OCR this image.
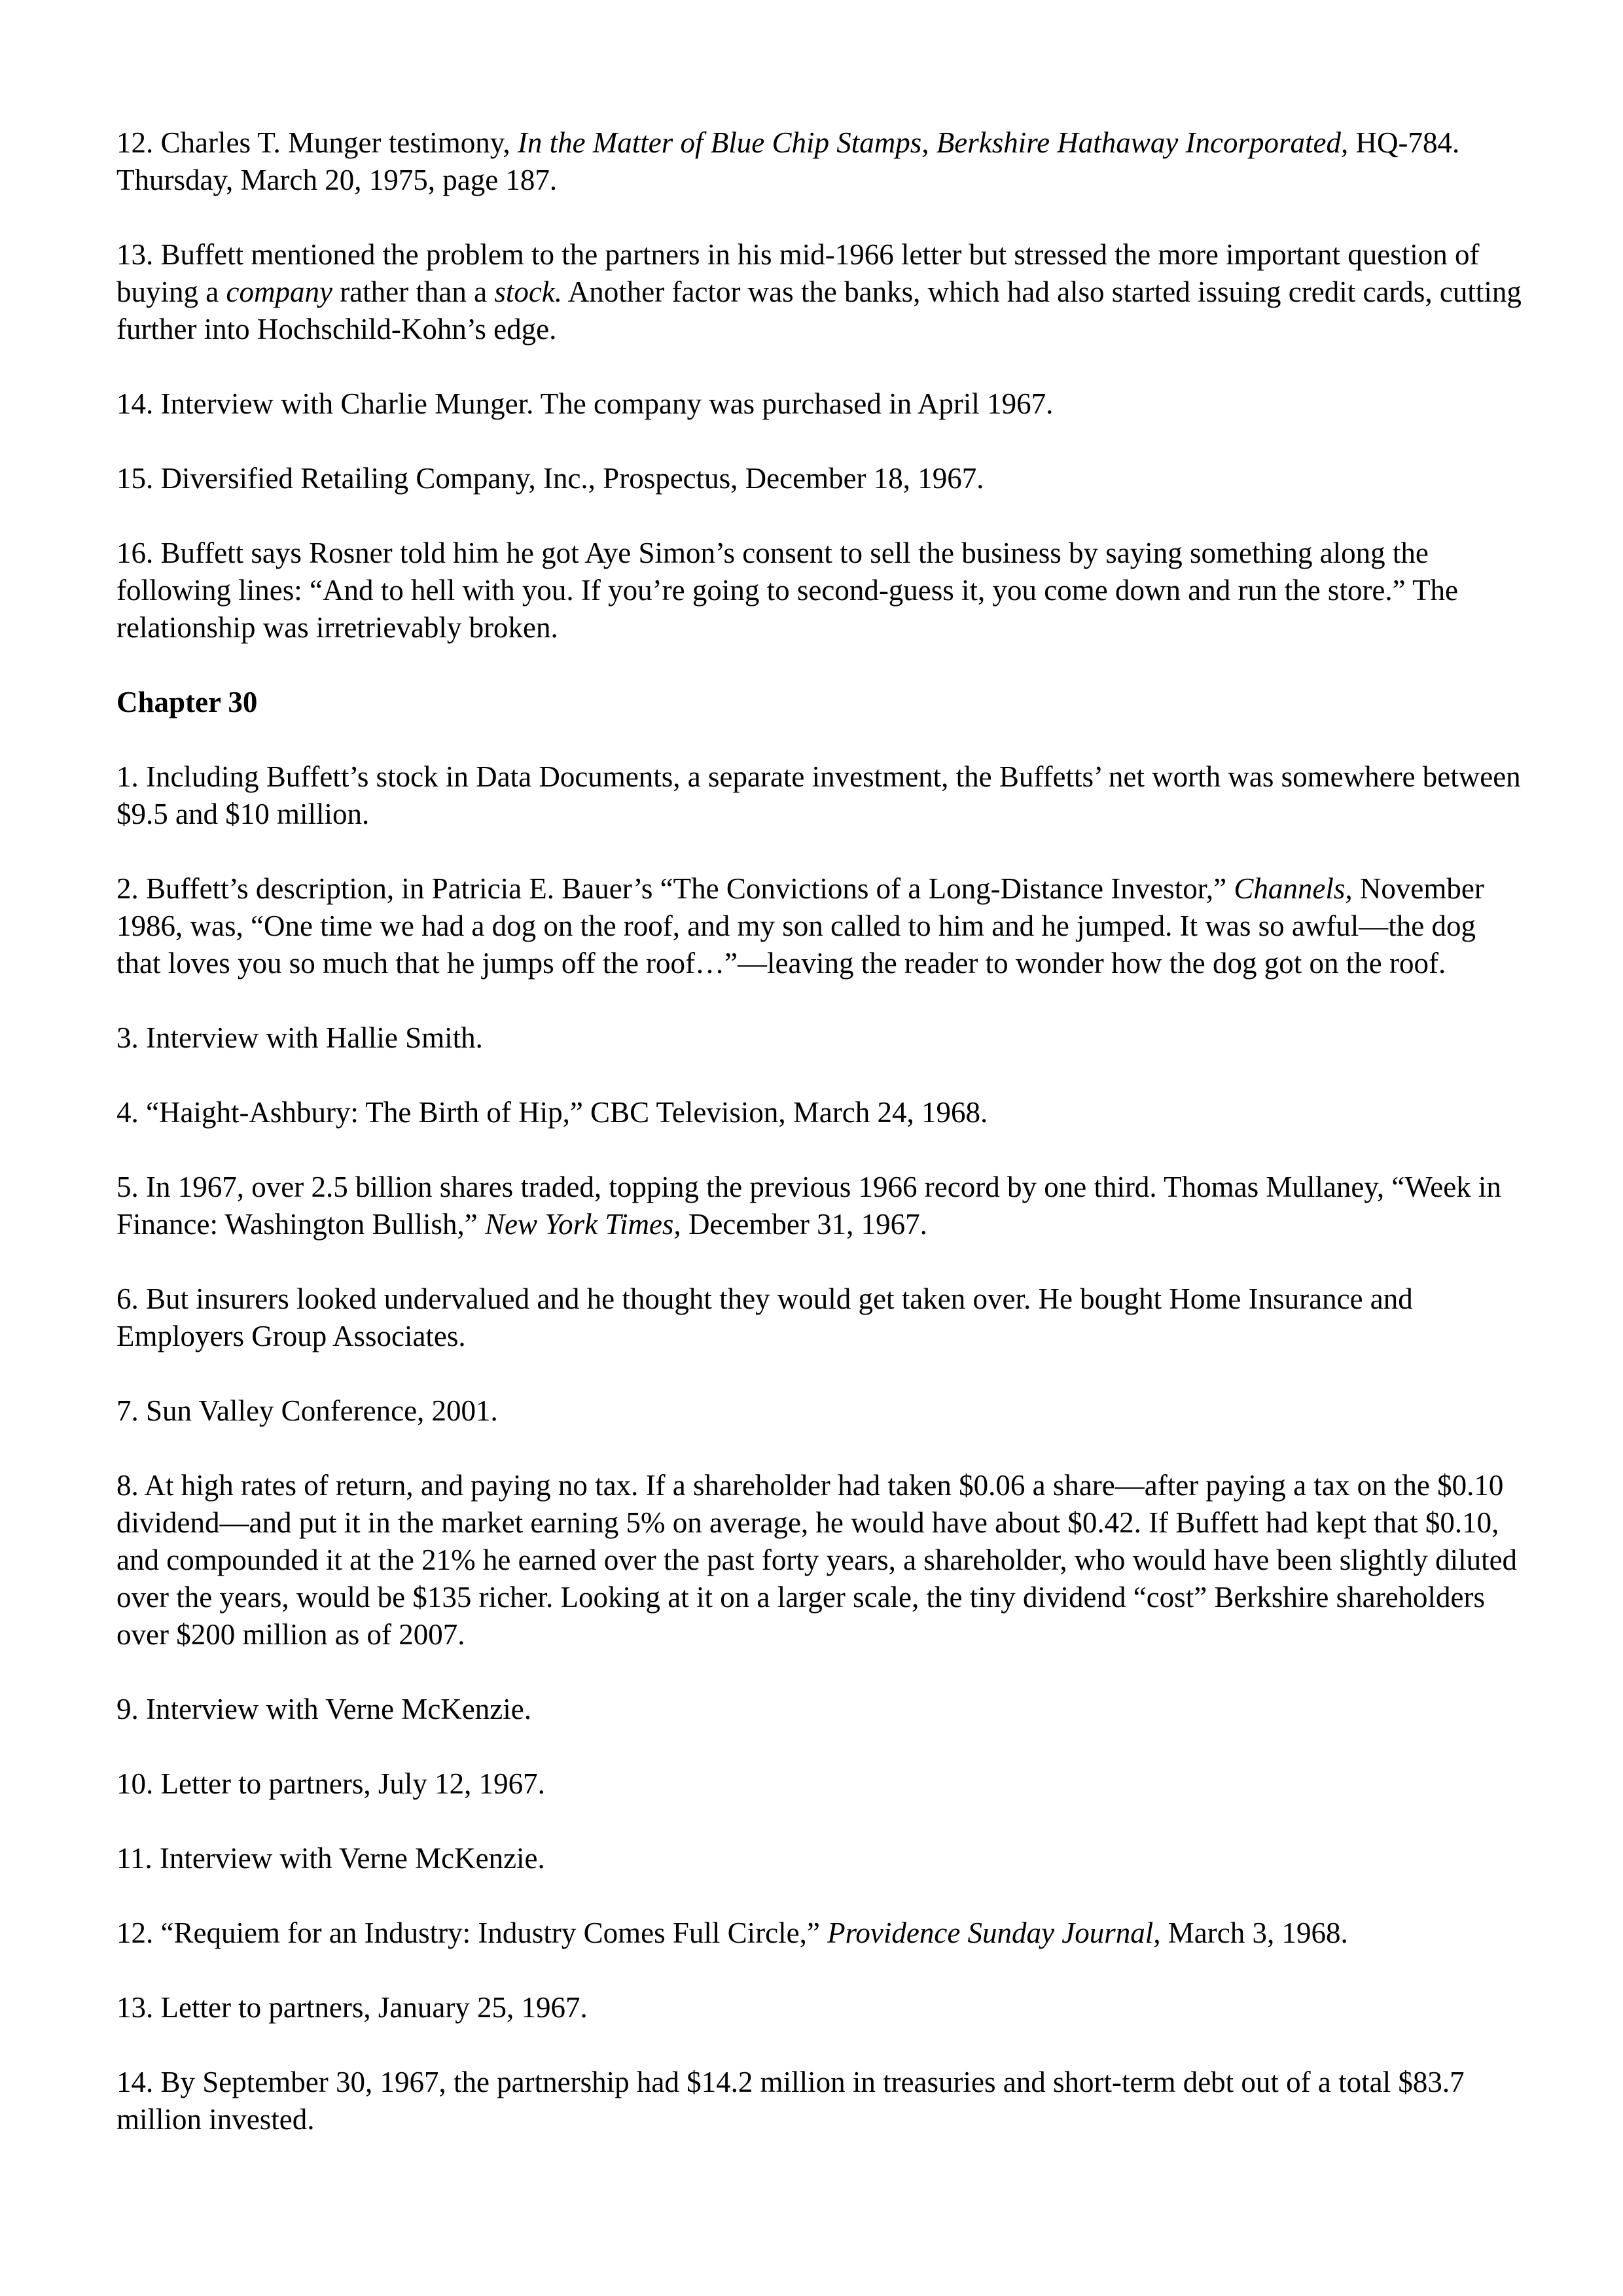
12. Charles T. Munger testimony, In the Matter of Blue Chip Stamps, Berkshire Hathaway Incorporated, HQ-784. Thursday, March 20, 1975, page 187.

13. Buffett mentioned the problem to the partners in his mid-1966 letter but stressed the more important question of buying a company rather than a stock. Another factor was the banks, which had also started issuing credit cards, cutting further into Hochschild-Kohn’s edge.

14. Interview with Charlie Munger. The company was purchased in April 1967.

15. Diversified Retailing Company, Inc., Prospectus, December 18, 1967.

16. Buffett says Rosner told him he got Aye Simon’s consent to sell the business by saying something along the following lines: “And to hell with you. If you’re going to second-guess it, you come down and run the store.” The relationship was irretrievably broken.

Chapter 30

1. Including Buffett’s stock in Data Documents, a separate investment, the Buffetts’ net worth was somewhere between $9.5 and $10 million.

2. Buffett’s description, in Patricia E. Bauer’s “The Convictions of a Long-Distance Investor,” Channels, November 1986, was, “One time we had a dog on the roof, and my son called to him and he jumped. It was so awful—the dog that loves you so much that he jumps off the roof…”—leaving the reader to wonder how the dog got on the roof.

3. Interview with Hallie Smith.

4. “Haight-Ashbury: The Birth of Hip,” CBC Television, March 24, 1968.

5. In 1967, over 2.5 billion shares traded, topping the previous 1966 record by one third. Thomas Mullaney, “Week in Finance: Washington Bullish,” New York Times, December 31, 1967.

6. But insurers looked undervalued and he thought they would get taken over. He bought Home Insurance and Employers Group Associates.

7. Sun Valley Conference, 2001.

8. At high rates of return, and paying no tax. If a shareholder had taken $0.06 a share—after paying a tax on the $0.10 dividend—and put it in the market earning 5% on average, he would have about $0.42. If Buffett had kept that $0.10, and compounded it at the 21% he earned over the past forty years, a shareholder, who would have been slightly diluted over the years, would be $135 richer. Looking at it on a larger scale, the tiny dividend “cost” Berkshire shareholders over $200 million as of 2007.

9. Interview with Verne McKenzie.

10. Letter to partners, July 12, 1967.

11. Interview with Verne McKenzie.

12. “Requiem for an Industry: Industry Comes Full Circle,” Providence Sunday Journal, March 3, 1968.

13. Letter to partners, January 25, 1967.

14. By September 30, 1967, the partnership had $14.2 million in treasuries and short-term debt out of a total $83.7 million invested.
